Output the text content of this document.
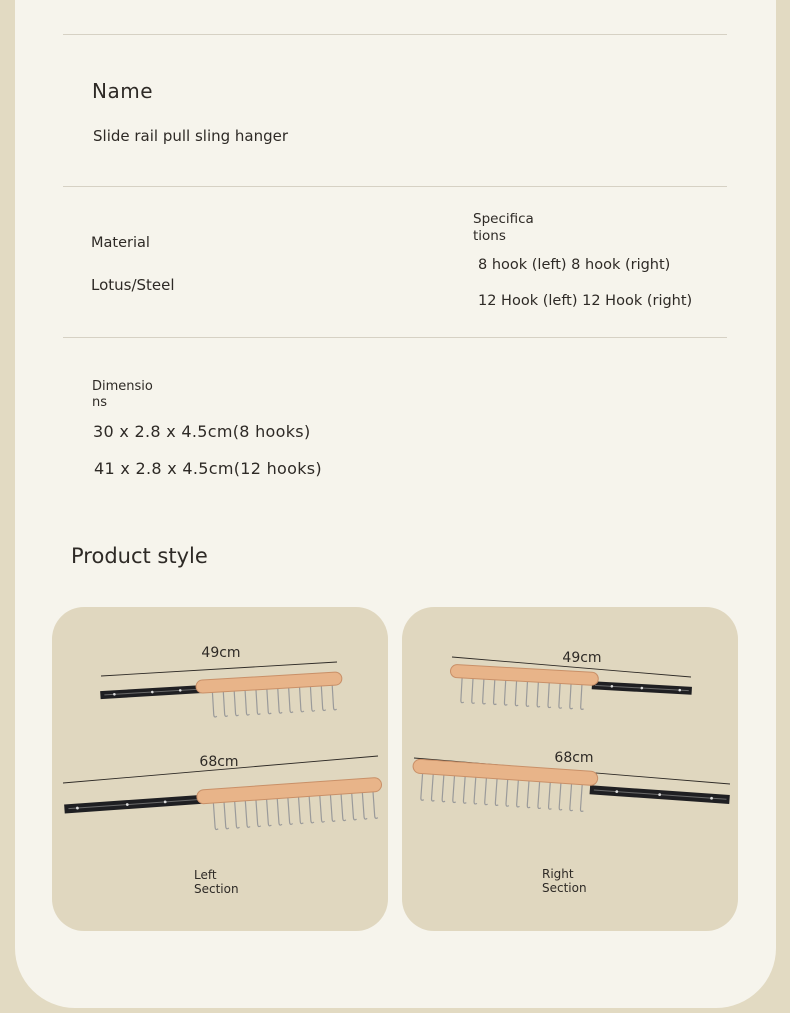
Name
Slide rail pull sling hanger
Material
Lotus/Steel
Specifications
8 hook (left) 8 hook (right)
12 Hook (left) 12 Hook (right)
Dimensions
30 x 2.8 x 4.5cm(8 hooks)
41 x 2.8 x 4.5cm(12 hooks)
Product style
49cm
68cm
Left Section
49cm
68cm
Right Section
